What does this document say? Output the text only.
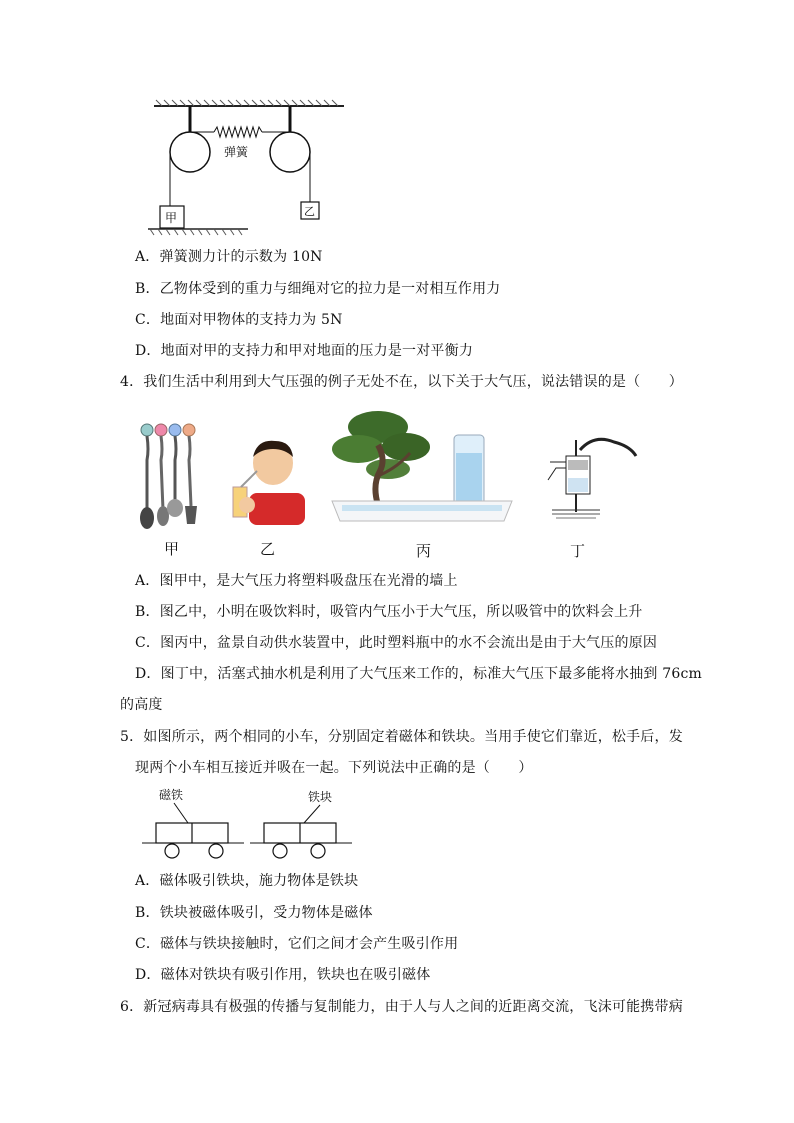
弹簧
甲	乙
A．弹簧测力计的示数为 10N
B．乙物体受到的重力与细绳对它的拉力是一对相互作用力
C．地面对甲物体的支持力为 5N
D．地面对甲的支持力和甲对地面的压力是一对平衡力
4．我们生活中利用到大气压强的例子无处不在，以下关于大气压，说法错误的是（　　）
甲	乙	丙	丁
A．图甲中，是大气压力将塑料吸盘压在光滑的墙上
B．图乙中，小明在吸饮料时，吸管内气压小于大气压，所以吸管中的饮料会上升
C．图丙中，盆景自动供水装置中，此时塑料瓶中的水不会流出是由于大气压的原因
D．图丁中，活塞式抽水机是利用了大气压来工作的，标准大气压下最多能将水抽到 76cm
的高度
5．如图所示，两个相同的小车，分别固定着磁体和铁块。当用手使它们靠近，松手后，发
现两个小车相互接近并吸在一起。下列说法中正确的是（　　）
磁铁	铁块
A．磁体吸引铁块，施力物体是铁块
B．铁块被磁体吸引，受力物体是磁体
C．磁体与铁块接触时，它们之间才会产生吸引作用
D．磁体对铁块有吸引作用，铁块也在吸引磁体
6．新冠病毒具有极强的传播与复制能力，由于人与人之间的近距离交流，飞沫可能携带病
